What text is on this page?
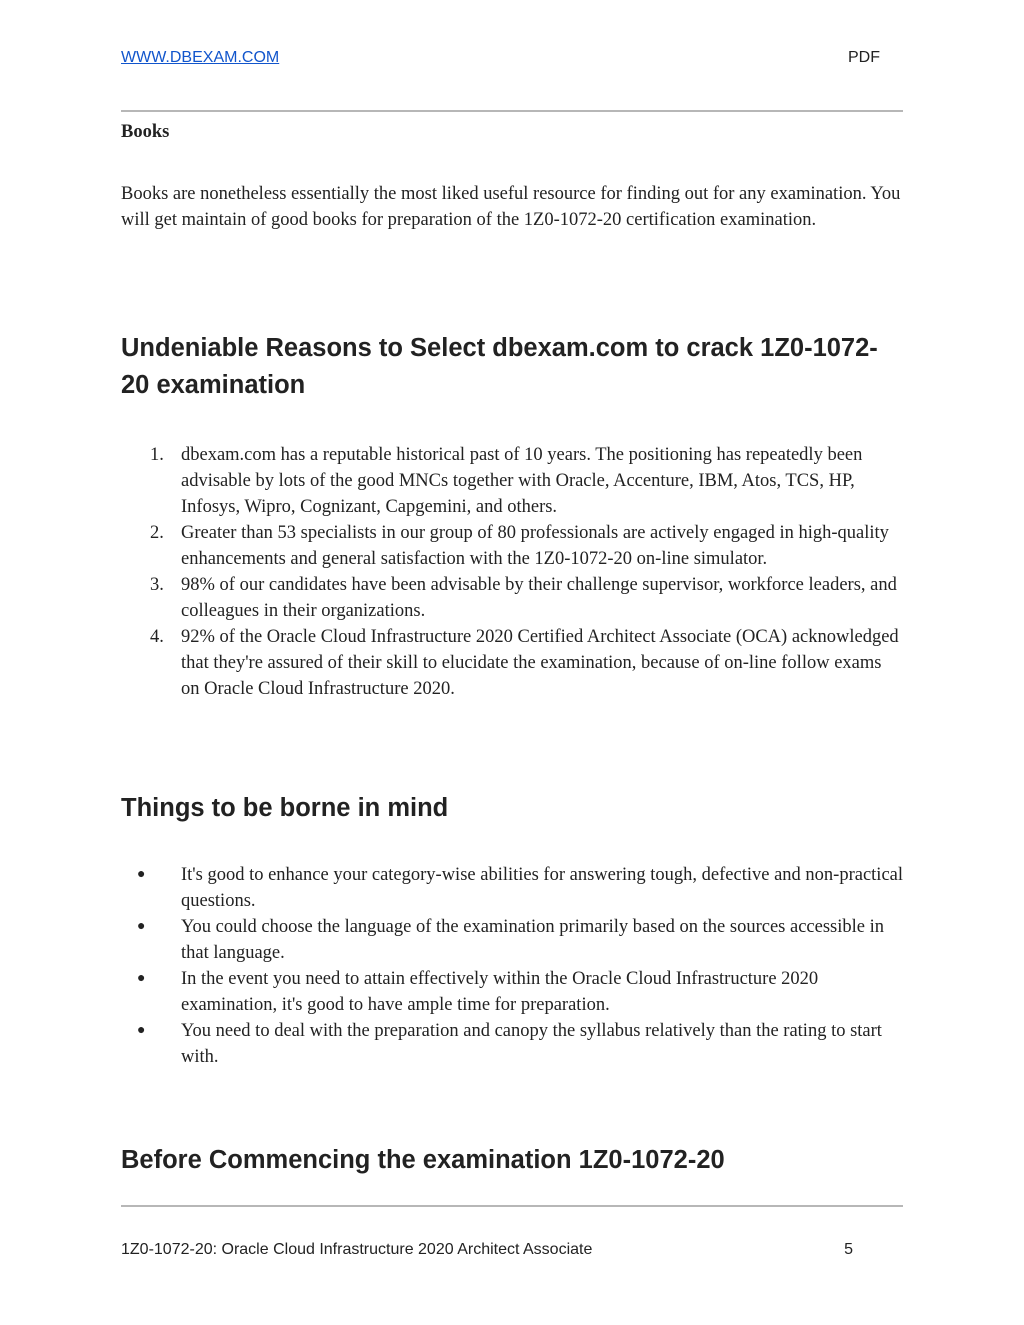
WWW.DBEXAM.COM	PDF

Books

Books are nonetheless essentially the most liked useful resource for finding out for any examination. You will get maintain of good books for preparation of the 1Z0-1072-20 certification examination.

Undeniable Reasons to Select dbexam.com to crack 1Z0-1072-20 examination
1. dbexam.com has a reputable historical past of 10 years. The positioning has repeatedly been advisable by lots of the good MNCs together with Oracle, Accenture, IBM, Atos, TCS, HP, Infosys, Wipro, Cognizant, Capgemini, and others.
2. Greater than 53 specialists in our group of 80 professionals are actively engaged in high-quality enhancements and general satisfaction with the 1Z0-1072-20 on-line simulator.
3. 98% of our candidates have been advisable by their challenge supervisor, workforce leaders, and colleagues in their organizations.
4. 92% of the Oracle Cloud Infrastructure 2020 Certified Architect Associate (OCA) acknowledged that they're assured of their skill to elucidate the examination, because of on-line follow exams on Oracle Cloud Infrastructure 2020.
Things to be borne in mind
● It's good to enhance your category-wise abilities for answering tough, defective and non-practical questions.
● You could choose the language of the examination primarily based on the sources accessible in that language.
● In the event you need to attain effectively within the Oracle Cloud Infrastructure 2020 examination, it's good to have ample time for preparation.
● You need to deal with the preparation and canopy the syllabus relatively than the rating to start with.
Before Commencing the examination 1Z0-1072-20
1Z0-1072-20: Oracle Cloud Infrastructure 2020 Architect Associate	5
